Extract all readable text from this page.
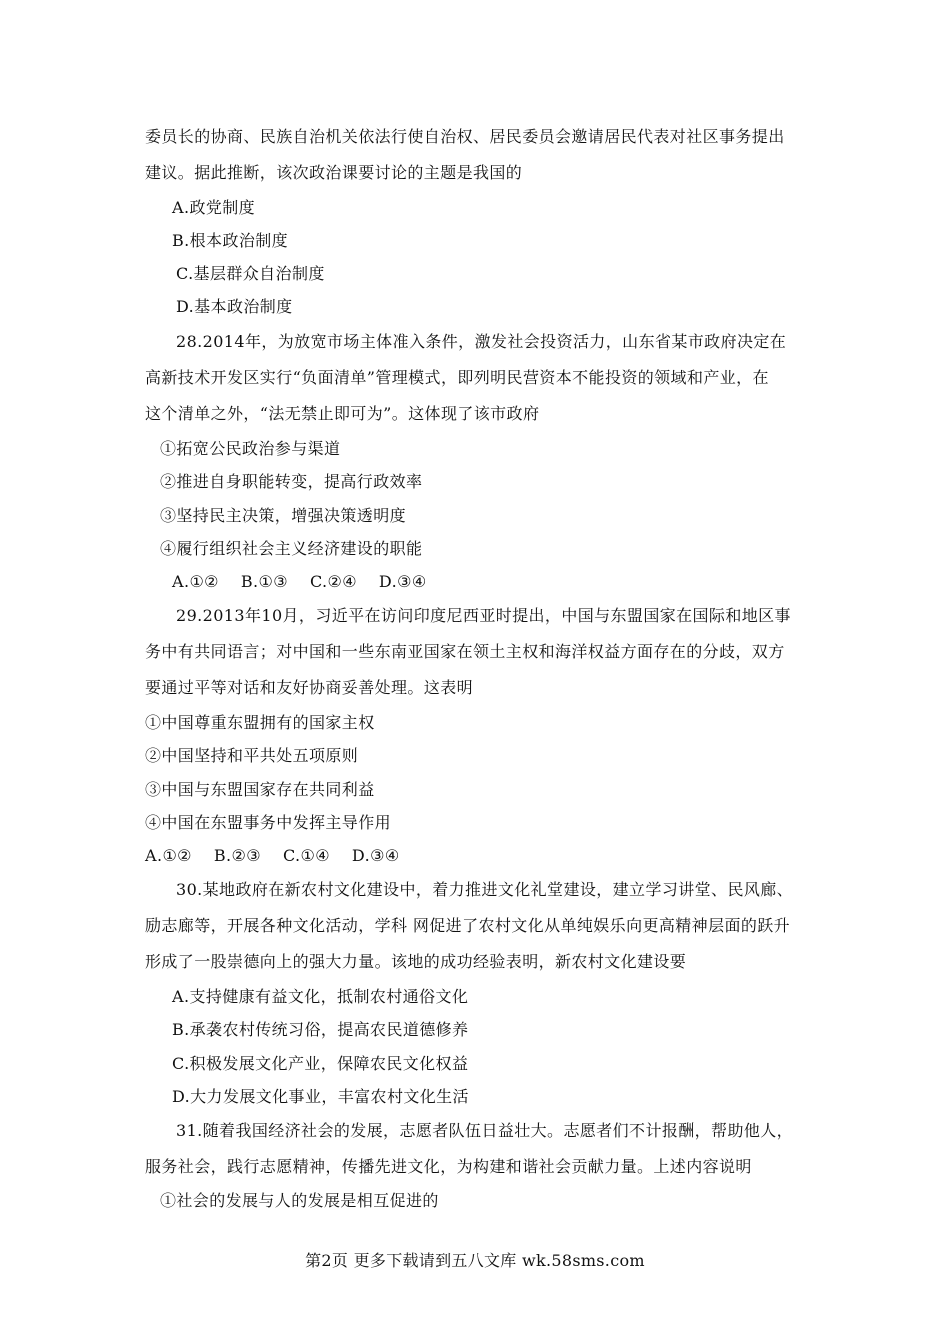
委员长的协商、民族自治机关依法行使自治权、居民委员会邀请居民代表对社区事务提出
建议。据此推断，该次政治课要讨论的主题是我国的
A.政党制度
B.根本政治制度
C.基层群众自治制度
D.基本政治制度
28.2014年，为放宽市场主体准入条件，激发社会投资活力，山东省某市政府决定在
高新技术开发区实行“负面清单”管理模式，即列明民营资本不能投资的领域和产业，在
这个清单之外，“法无禁止即可为”。这体现了该市政府
①拓宽公民政治参与渠道
②推进自身职能转变，提高行政效率
③坚持民主决策，增强决策透明度
④履行组织社会主义经济建设的职能
A.①②    B.①③    C.②④    D.③④
29.2013年10月，习近平在访问印度尼西亚时提出，中国与东盟国家在国际和地区事
务中有共同语言；对中国和一些东南亚国家在领土主权和海洋权益方面存在的分歧，双方
要通过平等对话和友好协商妥善处理。这表明
①中国尊重东盟拥有的国家主权
②中国坚持和平共处五项原则
③中国与东盟国家存在共同利益
④中国在东盟事务中发挥主导作用
A.①②    B.②③    C.①④    D.③④
30.某地政府在新农村文化建设中，着力推进文化礼堂建设，建立学习讲堂、民风廊、
励志廊等，开展各种文化活动，学科 网促进了农村文化从单纯娱乐向更高精神层面的跃升
形成了一股崇德向上的强大力量。该地的成功经验表明，新农村文化建设要
A.支持健康有益文化，抵制农村通俗文化
B.承袭农村传统习俗，提高农民道德修养
C.积极发展文化产业，保障农民文化权益
D.大力发展文化事业，丰富农村文化生活
31.随着我国经济社会的发展，志愿者队伍日益壮大。志愿者们不计报酬，帮助他人，
服务社会，践行志愿精神，传播先进文化，为构建和谐社会贡献力量。上述内容说明
①社会的发展与人的发展是相互促进的
第2页 更多下载请到五八文库 wk.58sms.com
